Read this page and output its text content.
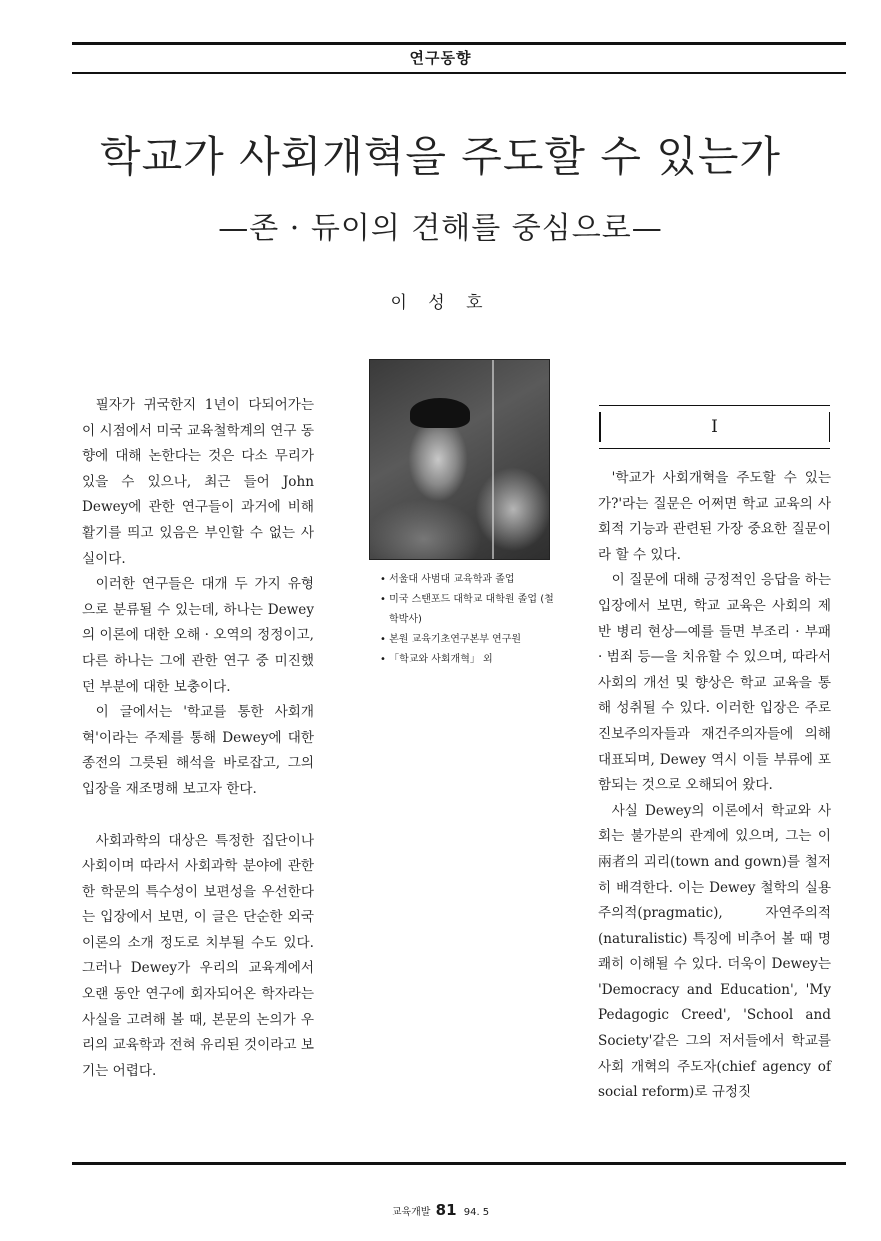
연구동향
학교가 사회개혁을 주도할 수 있는가
—존 · 듀이의 견해를 중심으로—
이 성 호

필자가 귀국한지 1년이 다되어가는 이 시점에서 미국 교육철학계의 연구 동향에 대해 논한다는 것은 다소 무리가 있을 수 있으나, 최근 들어 John Dewey에 관한 연구들이 과거에 비해 활기를 띄고 있음은 부인할 수 없는 사실이다.

이러한 연구들은 대개 두 가지 유형으로 분류될 수 있는데, 하나는 Dewey의 이론에 대한 오해 · 오역의 정정이고, 다른 하나는 그에 관한 연구 중 미진했던 부분에 대한 보충이다.

이 글에서는 '학교를 통한 사회개혁'이라는 주제를 통해 Dewey에 대한 종전의 그릇된 해석을 바로잡고, 그의 입장을 재조명해 보고자 한다.

사회과학의 대상은 특정한 집단이나 사회이며 따라서 사회과학 분야에 관한 한 학문의 특수성이 보편성을 우선한다는 입장에서 보면, 이 글은 단순한 외국이론의 소개 정도로 치부될 수도 있다. 그러나 Dewey가 우리의 교육계에서 오랜 동안 연구에 회자되어온 학자라는 사실을 고려해 볼 때, 본문의 논의가 우리의 교육학과 전혀 유리된 것이라고 보기는 어렵다.

• 서울대 사범대 교육학과 졸업
• 미국 스탠포드 대학교 대학원 졸업 (철학박사)
• 본원 교육기초연구본부 연구원
• 「학교와 사회개혁」 외
I

'학교가 사회개혁을 주도할 수 있는가?'라는 질문은 어쩌면 학교 교육의 사회적 기능과 관련된 가장 중요한 질문이라 할 수 있다.

이 질문에 대해 긍정적인 응답을 하는 입장에서 보면, 학교 교육은 사회의 제반 병리 현상—예를 들면 부조리 · 부패 · 범죄 등—을 치유할 수 있으며, 따라서 사회의 개선 및 향상은 학교 교육을 통해 성취될 수 있다. 이러한 입장은 주로 진보주의자들과 재건주의자들에 의해 대표되며, Dewey 역시 이들 부류에 포함되는 것으로 오해되어 왔다.

사실 Dewey의 이론에서 학교와 사회는 불가분의 관계에 있으며, 그는 이 兩者의 괴리(town and gown)를 철저히 배격한다. 이는 Dewey 철학의 실용주의적(pragmatic), 자연주의적(naturalistic) 특징에 비추어 볼 때 명쾌히 이해될 수 있다. 더욱이 Dewey는 'Democracy and Education', 'My Pedagogic Creed', 'School and Society'같은 그의 저서들에서 학교를 사회 개혁의 주도자(chief agency of social reform)로 규정짓

교육개발 81 94. 5
